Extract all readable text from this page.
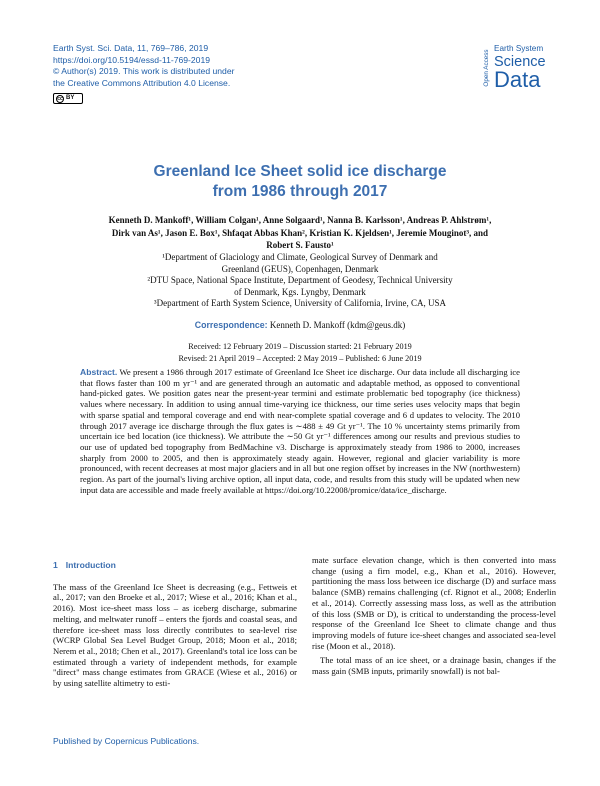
Earth Syst. Sci. Data, 11, 769–786, 2019
https://doi.org/10.5194/essd-11-769-2019
© Author(s) 2019. This work is distributed under
the Creative Commons Attribution 4.0 License.
cc BY
Open Access
Earth System
Science
Data
Greenland Ice Sheet solid ice discharge
from 1986 through 2017
Kenneth D. Mankoff¹, William Colgan¹, Anne Solgaard¹, Nanna B. Karlsson¹, Andreas P. Ahlstrøm¹,
Dirk van As¹, Jason E. Box¹, Shfaqat Abbas Khan², Kristian K. Kjeldsen¹, Jeremie Mouginot³, and
Robert S. Fausto¹
¹Department of Glaciology and Climate, Geological Survey of Denmark and
Greenland (GEUS), Copenhagen, Denmark
²DTU Space, National Space Institute, Department of Geodesy, Technical University
of Denmark, Kgs. Lyngby, Denmark
³Department of Earth System Science, University of California, Irvine, CA, USA
Correspondence: Kenneth D. Mankoff (kdm@geus.dk)
Received: 12 February 2019 – Discussion started: 21 February 2019
Revised: 21 April 2019 – Accepted: 2 May 2019 – Published: 6 June 2019
Abstract. We present a 1986 through 2017 estimate of Greenland Ice Sheet ice discharge. Our data include all discharging ice that flows faster than 100 m yr⁻¹ and are generated through an automatic and adaptable method, as opposed to conventional hand-picked gates. We position gates near the present-year termini and estimate problematic bed topography (ice thickness) values where necessary. In addition to using annual time-varying ice thickness, our time series uses velocity maps that begin with sparse spatial and temporal coverage and end with near-complete spatial coverage and 6 d updates to velocity. The 2010 through 2017 average ice discharge through the flux gates is ∼488 ± 49 Gt yr⁻¹. The 10 % uncertainty stems primarily from uncertain ice bed location (ice thickness). We attribute the ∼50 Gt yr⁻¹ differences among our results and previous studies to our use of updated bed topography from BedMachine v3. Discharge is approximately steady from 1986 to 2000, increases sharply from 2000 to 2005, and then is approximately steady again. However, regional and glacier variability is more pronounced, with recent decreases at most major glaciers and in all but one region offset by increases in the NW (northwestern) region. As part of the journal's living archive option, all input data, code, and results from this study will be updated when new input data are accessible and made freely available at https://doi.org/10.22008/promice/data/ice_discharge.
1 Introduction

The mass of the Greenland Ice Sheet is decreasing (e.g., Fettweis et al., 2017; van den Broeke et al., 2017; Wiese et al., 2016; Khan et al., 2016). Most ice-sheet mass loss – as iceberg discharge, submarine melting, and meltwater runoff – enters the fjords and coastal seas, and therefore ice-sheet mass loss directly contributes to sea-level rise (WCRP Global Sea Level Budget Group, 2018; Moon et al., 2018; Nerem et al., 2018; Chen et al., 2017). Greenland's total ice loss can be estimated through a variety of independent methods, for example "direct" mass change estimates from GRACE (Wiese et al., 2016) or by using satellite altimetry to esti-

mate surface elevation change, which is then converted into mass change (using a firn model, e.g., Khan et al., 2016). However, partitioning the mass loss between ice discharge (D) and surface mass balance (SMB) remains challenging (cf. Rignot et al., 2008; Enderlin et al., 2014). Correctly assessing mass loss, as well as the attribution of this loss (SMB or D), is critical to understanding the process-level response of the Greenland Ice Sheet to climate change and thus improving models of future ice-sheet changes and associated sea-level rise (Moon et al., 2018).

The total mass of an ice sheet, or a drainage basin, changes if the mass gain (SMB inputs, primarily snowfall) is not bal-

Published by Copernicus Publications.
